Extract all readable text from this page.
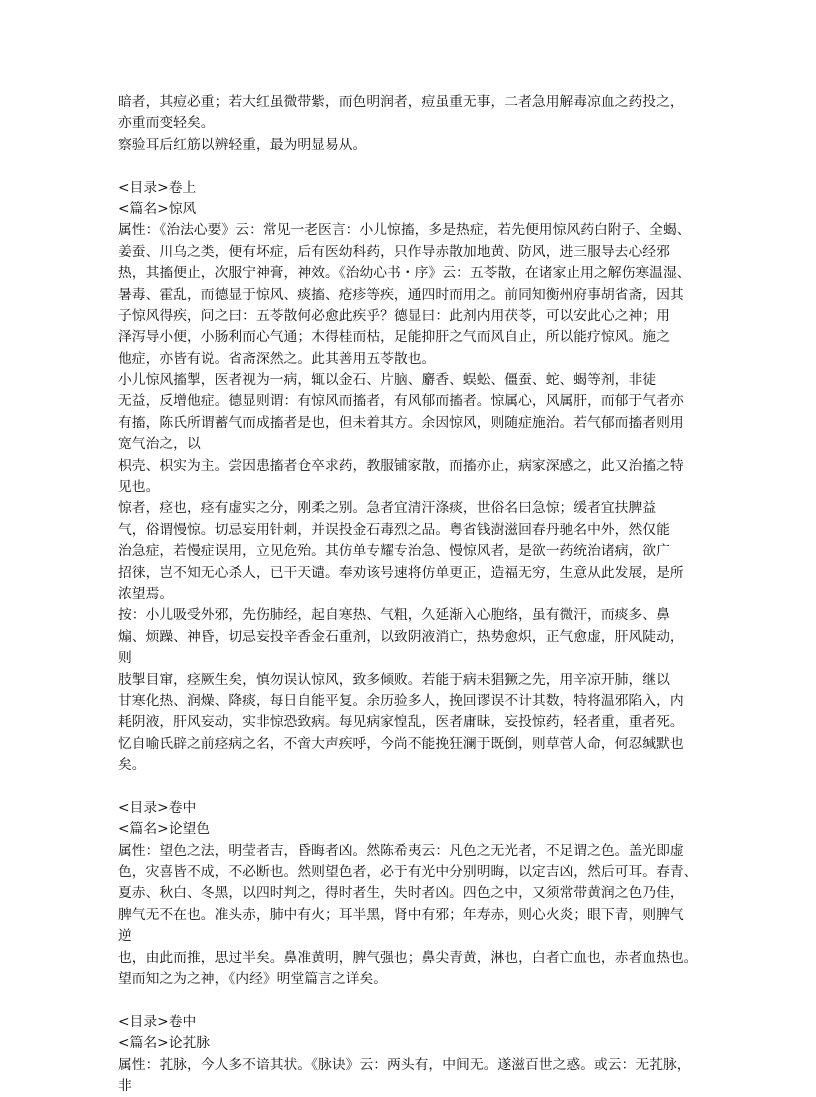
暗者，其痘必重；若大红虽微带紫，而色明润者，痘虽重无事，二者急用解毒凉血之药投之，
亦重而变轻矣。
察验耳后红筋以辨轻重，最为明显易从。
<目录>卷上
<篇名>惊风
属性：《治法心要》云：常见一老医言：小儿惊搐，多是热症，若先便用惊风药白附子、全蝎、
姜蚕、川乌之类，便有坏症，后有医幼科药，只作导赤散加地黄、防风，进三服导去心经邪
热，其搐便止，次服宁神膏，神效。《治幼心书・序》云：五苓散，在诸家止用之解伤寒温湿、
暑毒、霍乱，而德显于惊风、痰搐、疮疹等疾，通四时而用之。前同知衡州府事胡省斋，因其
子惊风得疾，问之曰：五苓散何必愈此疾乎？德显曰：此剂内用茯苓，可以安此心之神；用
泽泻导小便，小肠利而心气通；木得桂而枯，足能抑肝之气而风自止，所以能疗惊风。施之
他症，亦皆有说。省斋深然之。此其善用五苓散也。
小儿惊风搐掣，医者视为一病，辄以金石、片脑、麝香、蜈蚣、僵蚕、蛇、蝎等剂，非徒
无益，反增他症。德显则谓：有惊风而搐者，有风郁而搐者。惊属心，风属肝，而郁于气者亦
有搐，陈氏所谓蓄气而成搐者是也，但未着其方。余因惊风，则随症施治。若气郁而搐者则用
宽气治之，以
枳壳、枳实为主。尝因患搐者仓卒求药，教服铺家散，而搐亦止，病家深感之，此又治搐之特
见也。
惊者，痉也，痉有虚实之分，刚柔之别。急者宜清汗涤痰，世俗名曰急惊；缓者宜扶脾益
气，俗谓慢惊。切忌妄用针刺，并误投金石毒烈之品。粤省钱澍滋回春丹驰名中外，然仅能
治急症，若慢症误用，立见危殆。其仿单专耀专治急、慢惊风者，是欲一药统治诸病，欲广
招徕，岂不知无心杀人，已干天谴。奉劝该号速将仿单更正，造福无穷，生意从此发展，是所
浓望焉。
按：小儿吸受外邪，先伤肺经，起自寒热、气粗，久延渐入心胞络，虽有微汗，而痰多、鼻
煽、烦躁、神昏，切忌妄投辛香金石重剂，以致阴液消亡，热势愈炽，正气愈虚，肝风陡动，
则
肢掣目窜，痉厥生矣，慎勿误认惊风，致多倾败。若能于病未猖獗之先，用辛凉开肺，继以
甘寒化热、润燥、降痰，每日自能平复。余历验多人，挽回谬误不计其数，特将温邪陷入，内
耗阴液，肝风妄动，实非惊恐致病。每见病家惶乱，医者庸昧，妄投惊药，轻者重，重者死。
忆自喻氏辟之前痉病之名，不啻大声疾呼，今尚不能挽狂澜于既倒，则草菅人命，何忍缄默也
矣。
<目录>卷中
<篇名>论望色
属性：望色之法，明莹者吉，昏晦者凶。然陈希夷云：凡色之无光者，不足谓之色。盖光即虚
色，灾喜皆不成，不必断也。然则望色者，必于有光中分别明晦，以定吉凶，然后可耳。春青、
夏赤、秋白、冬黑，以四时判之，得时者生，失时者凶。四色之中，又须常带黄润之色乃佳，
脾气无不在也。准头赤，肺中有火；耳半黑，肾中有邪；年寿赤，则心火炎；眼下青，则脾气
逆
也，由此而推，思过半矣。鼻准黄明，脾气强也；鼻尖青黄，淋也，白者亡血也，赤者血热也。
望而知之为之神，《内经》明堂篇言之详矣。
<目录>卷中
<篇名>论芤脉
属性：芤脉，今人多不谙其状。《脉诀》云：两头有，中间无。遂滋百世之惑。或云：无芤脉，
非
